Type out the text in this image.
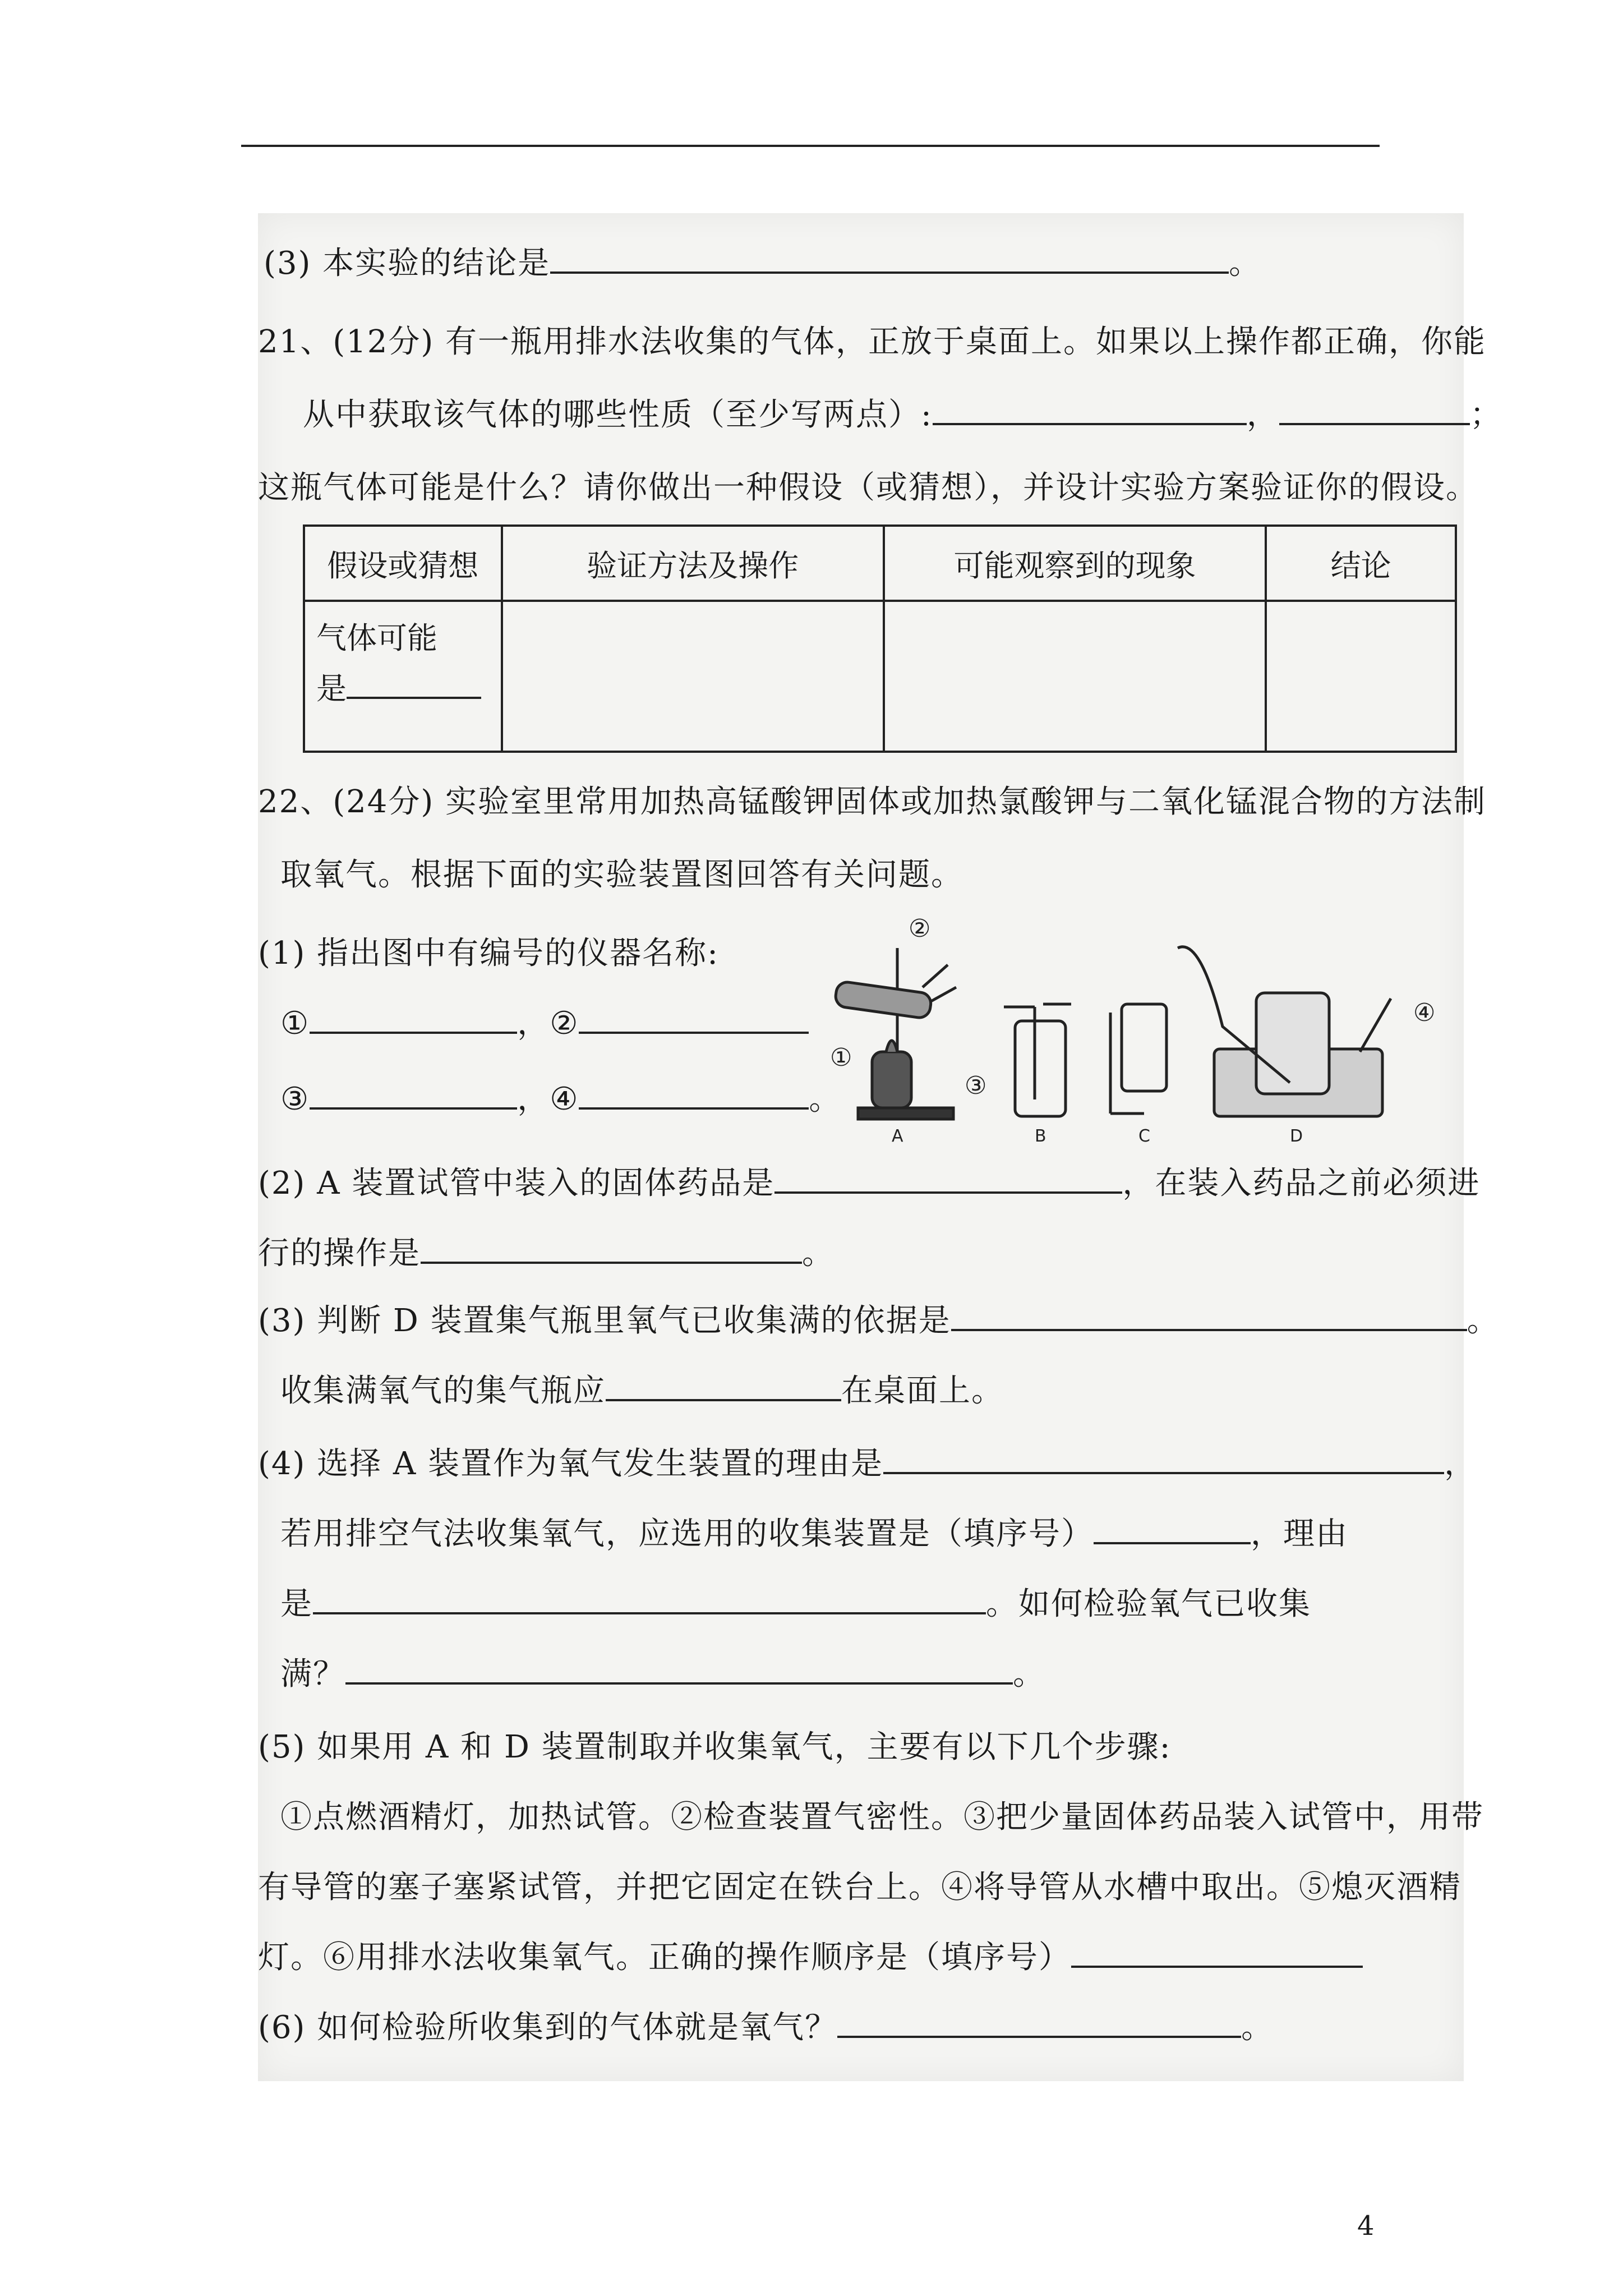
(3) 本实验的结论是	。
21、(12分) 有一瓶用排水法收集的气体，正放于桌面上。如果以上操作都正确，你能
从中获取该气体的哪些性质（至少写两点）:	，	；
这瓶气体可能是什么？请你做出一种假设（或猜想），并设计实验方案验证你的假设。
假设或猜想	验证方法及操作	可能观察到的现象	结论

气体可能
是			

22、(24分) 实验室里常用加热高锰酸钾固体或加热氯酸钾与二氧化锰混合物的方法制
取氧气。根据下面的实验装置图回答有关问题。
(1) 指出图中有编号的仪器名称:
①	，②
③	，④	。
②
①
③
④
A	B	C	D
(2) A 装置试管中装入的固体药品是	，在装入药品之前必须进
行的操作是	。
(3) 判断 D 装置集气瓶里氧气已收集满的依据是	。
收集满氧气的集气瓶应	在桌面上。
(4) 选择 A 装置作为氧气发生装置的理由是	，
若用排空气法收集氧气，应选用的收集装置是（填序号）	，理由
是	。如何检验氧气已收集
满？	。
(5) 如果用 A 和 D 装置制取并收集氧气，主要有以下几个步骤:
①点燃酒精灯，加热试管。②检查装置气密性。③把少量固体药品装入试管中，用带
有导管的塞子塞紧试管，并把它固定在铁台上。④将导管从水槽中取出。⑤熄灭酒精
灯。⑥用排水法收集氧气。正确的操作顺序是（填序号）
(6) 如何检验所收集到的气体就是氧气？	。
4
